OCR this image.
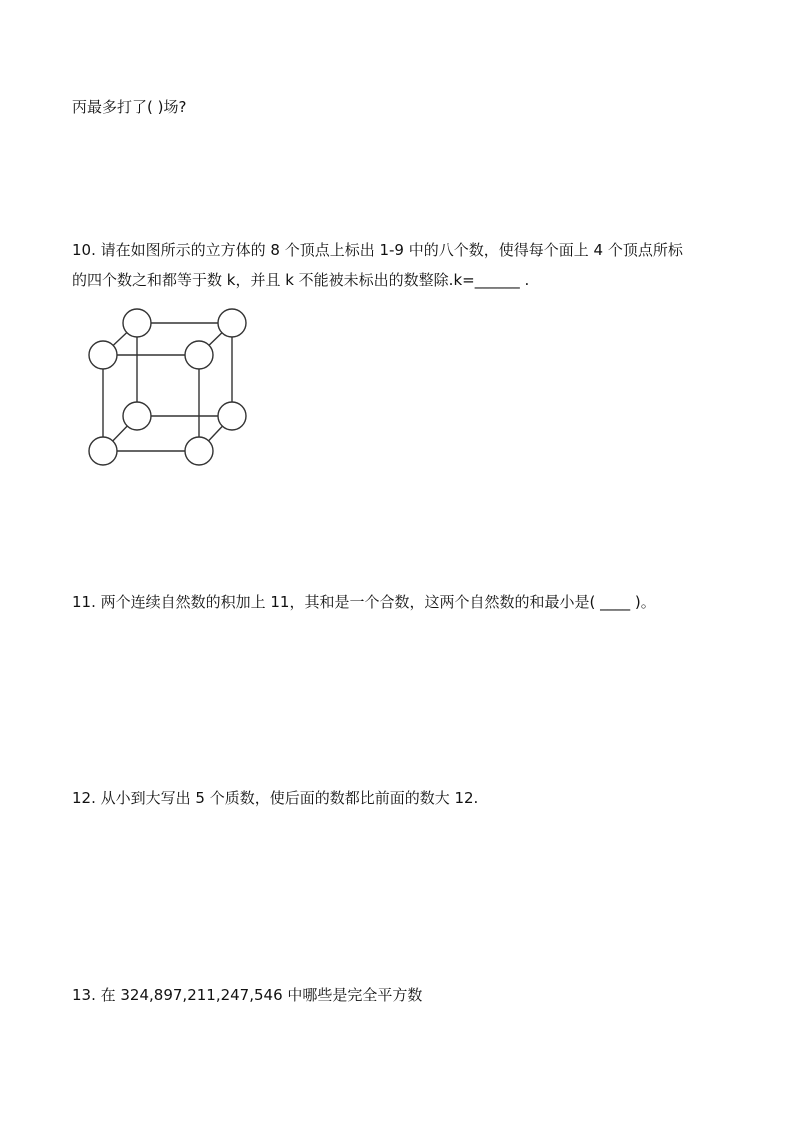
丙最多打了( )场?
10. 请在如图所示的立方体的 8 个顶点上标出 1-9 中的八个数，使得每个面上 4 个顶点所标
的四个数之和都等于数 k，并且 k 不能被未标出的数整除.k=______ .
11. 两个连续自然数的积加上 11，其和是一个合数，这两个自然数的和最小是( ____ )。
12. 从小到大写出 5 个质数，使后面的数都比前面的数大 12.
13. 在 324,897,211,247,546 中哪些是完全平方数
